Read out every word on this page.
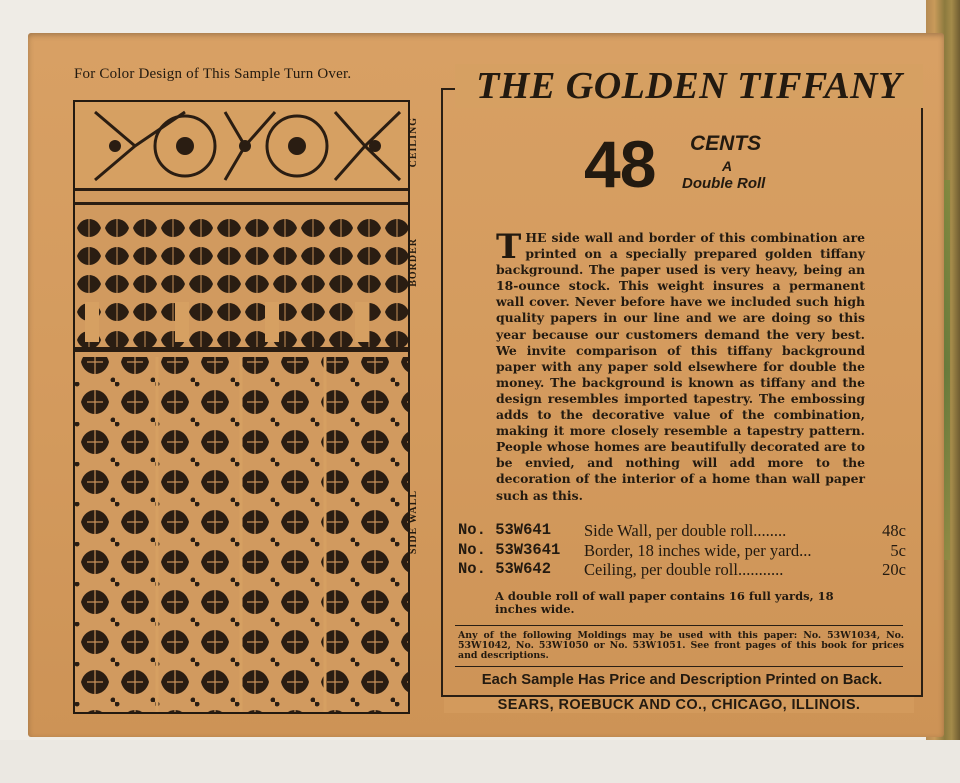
For Color Design of This Sample Turn Over.
CEILING
BORDER
SIDE WALL
THE GOLDEN TIFFANY
48 CENTS
A
Double Roll
THE side wall and border of this combination are printed on a specially prepared golden tiffany background. The paper used is very heavy, being an 18-ounce stock. This weight insures a permanent wall cover. Never before have we included such high quality papers in our line and we are doing so this year because our customers demand the very best. We invite comparison of this tiffany background paper with any paper sold elsewhere for double the money. The background is known as tiffany and the design resembles imported tapestry. The embossing adds to the decorative value of the combination, making it more closely resemble a tapestry pattern. People whose homes are beautifully decorated are to be envied, and nothing will add more to the decoration of the interior of a home than wall paper such as this.
No. 53W641	Side Wall, per double roll........	48c
No. 53W3641	Border, 18 inches wide, per yard...	5c
No. 53W642	Ceiling, per double roll...........	20c
A double roll of wall paper contains 16 full yards, 18 inches wide.
Any of the following Moldings may be used with this paper: No. 53W1034, No. 53W1042, No. 53W1050 or No. 53W1051. See front pages of this book for prices and descriptions.
Each Sample Has Price and Description Printed on Back.
SEARS, ROEBUCK AND CO., CHICAGO, ILLINOIS.
